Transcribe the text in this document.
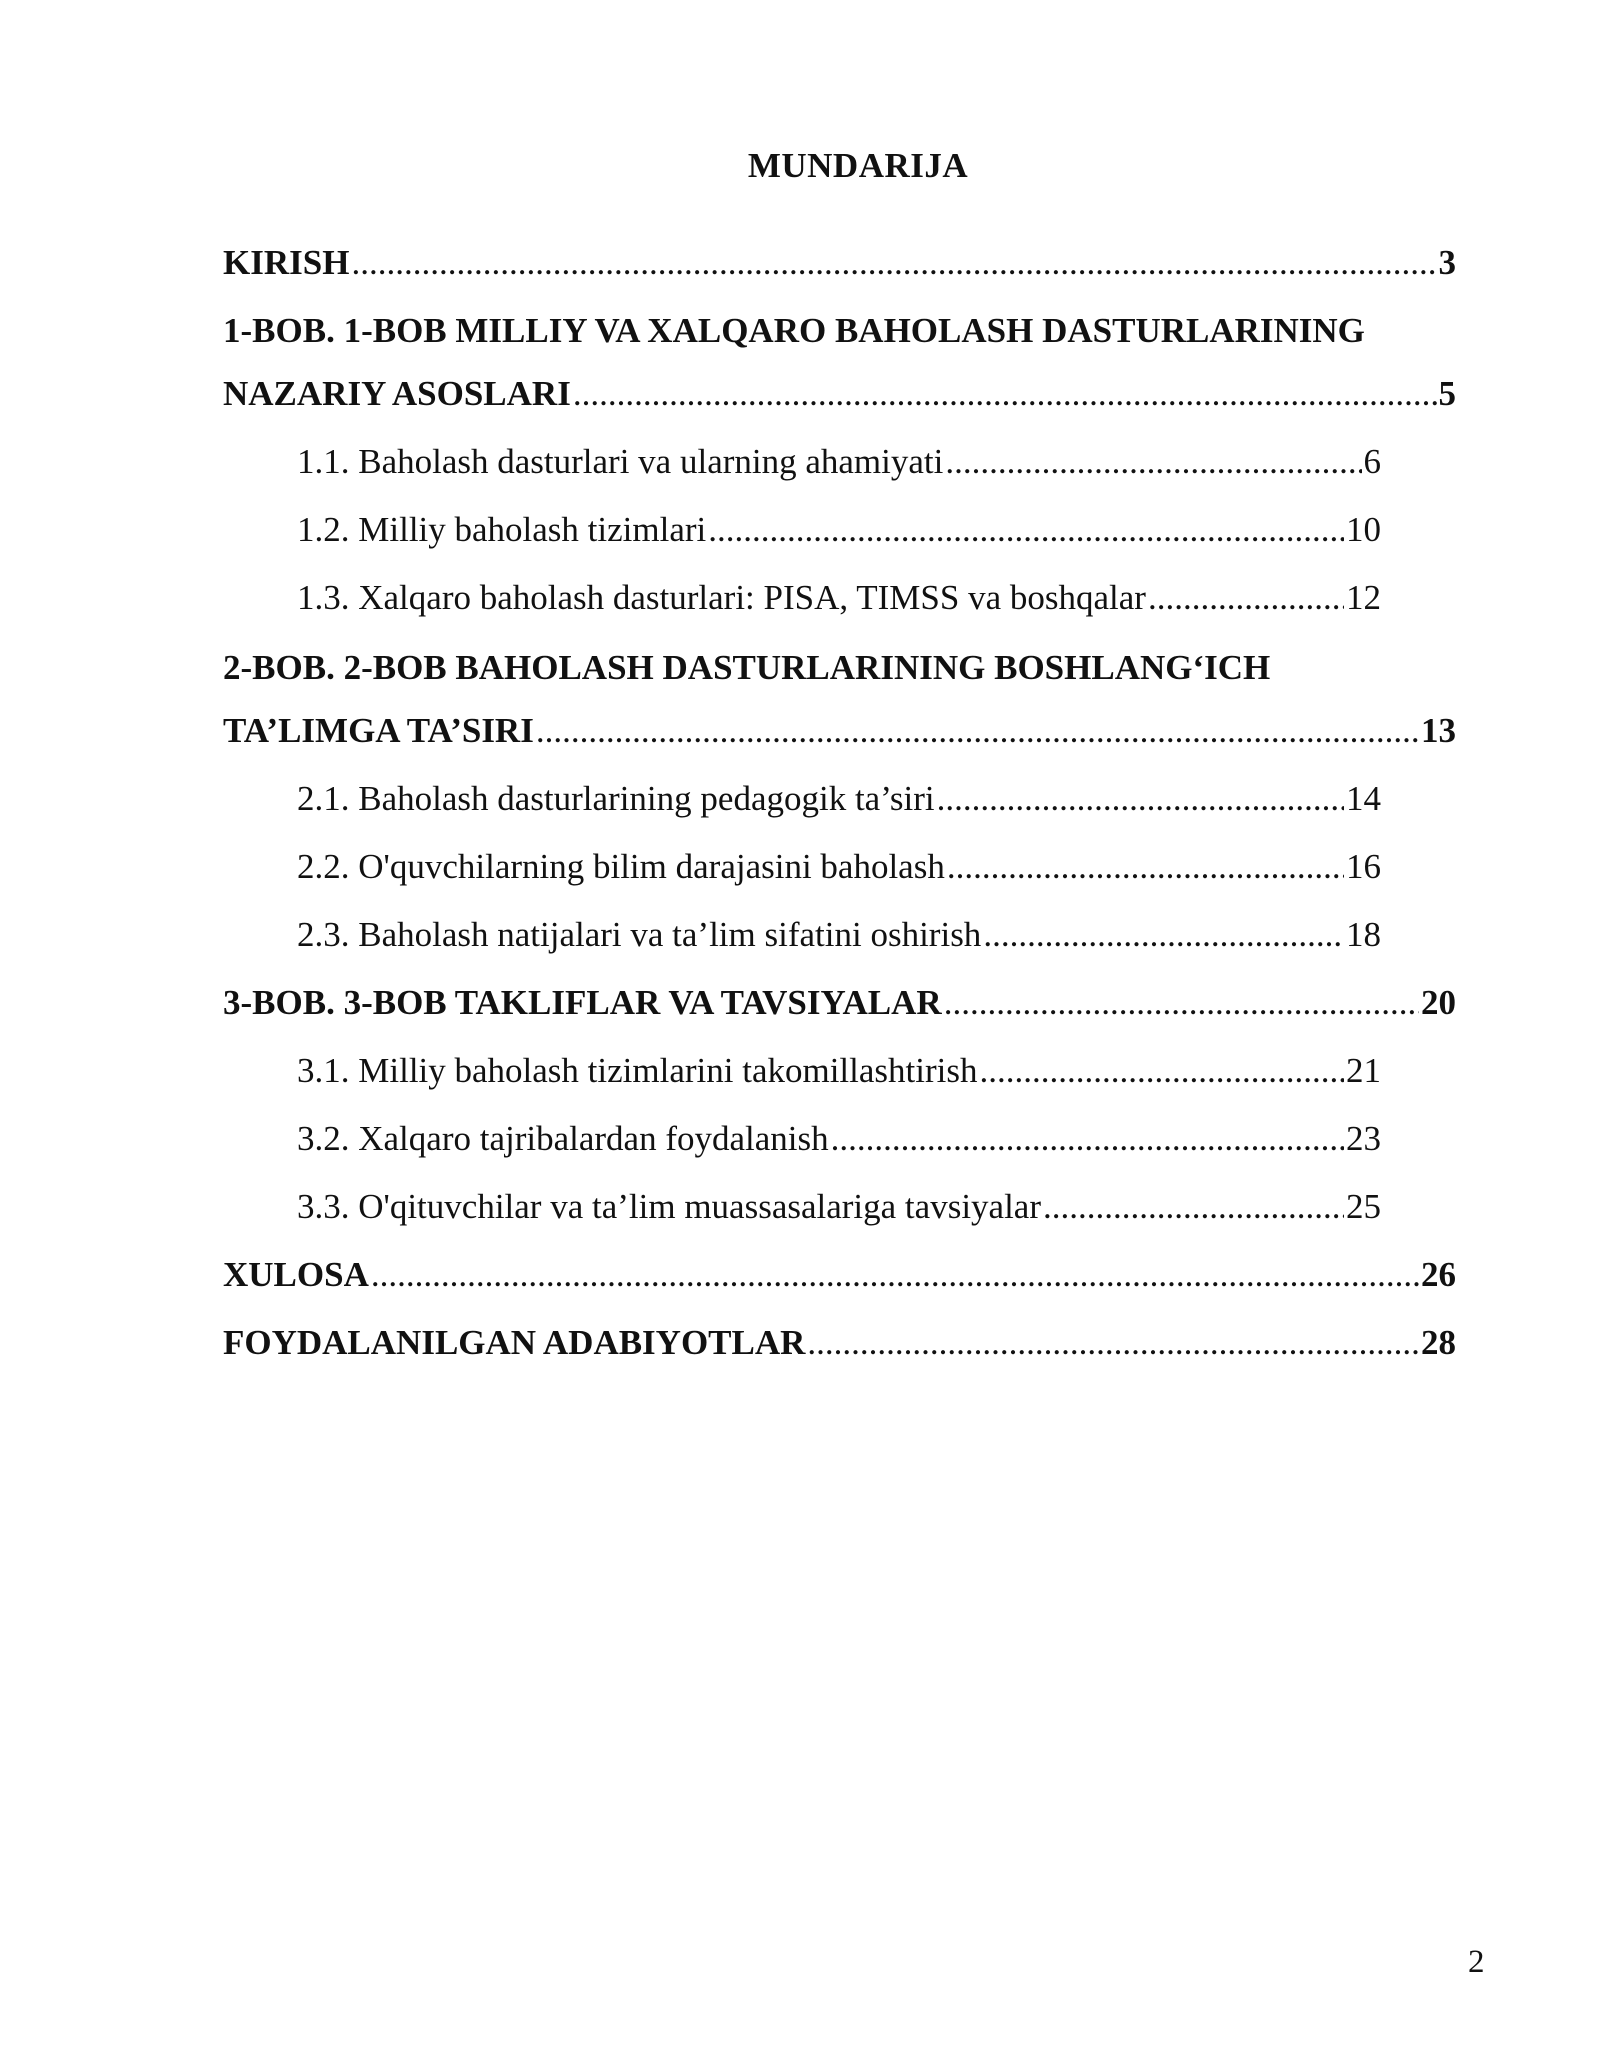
MUNDARIJA
KIRISH .....	3
1-BOB. 1-BOB MILLIY VA XALQARO BAHOLASH DASTURLARINING
NAZARIY ASOSLARI .....	5
1.1. Baholash dasturlari va ularning ahamiyati .....	6
1.2. Milliy baholash tizimlari .....	10
1.3. Xalqaro baholash dasturlari: PISA, TIMSS va boshqalar .....	12
2-BOB. 2-BOB BAHOLASH DASTURLARINING BOSHLANG‘ICH
TA’LIMGA TA’SIRI .....	13
2.1. Baholash dasturlarining pedagogik ta’siri .....	14
2.2. O'quvchilarning bilim darajasini baholash .....	16
2.3. Baholash natijalari va ta’lim sifatini oshirish .....	18
3-BOB. 3-BOB TAKLIFLAR VA TAVSIYALAR .....	20
3.1. Milliy baholash tizimlarini takomillashtirish .....	21
3.2. Xalqaro tajribalardan foydalanish .....	23
3.3. O'qituvchilar va ta’lim muassasalariga tavsiyalar .....	25
XULOSA .....	26
FOYDALANILGAN ADABIYOTLAR .....	28
2
